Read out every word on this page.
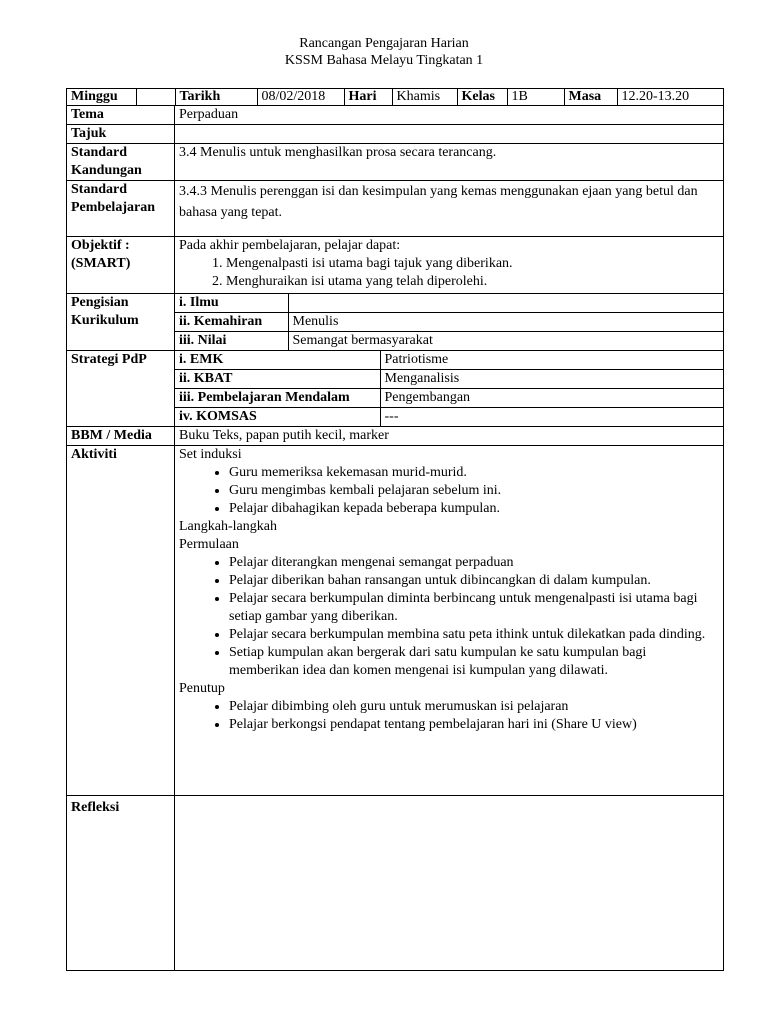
Rancangan Pengajaran Harian
KSSM Bahasa Melayu Tingkatan 1
Minggu		Tarikh	08/02/2018	Hari	Khamis	Kelas	1B	Masa	12.20-13.20

Tema	Perpaduan
Tajuk	

Standard
Kandungan
	3.4 Menulis untuk menghasilkan prosa secara terancang.

Standard
Pembelajaran
	3.4.3 Menulis perenggan isi dan kesimpulan yang kemas menggunakan ejaan yang betul dan bahasa yang tepat.

Objektif :
(SMART)

Pada akhir pembelajaran, pelajar dapat:
1. Mengenalpasti isi utama bagi tajuk yang diberikan.
2. Menghuraikan isi utama yang telah diperolehi.

Pengisian
Kurikulum

i. Ilmu	
ii. Kemahiran	Menulis
iii. Nilai	Semangat bermasyarakat

Strategi PdP	i. EMK	Patriotisme
ii. KBAT	Menganalisis
iii. Pembelajaran Mendalam	Pengembangan
iv. KOMSAS	---

BBM / Media	Buku Teks, papan putih kecil, marker
Aktiviti	Set induksi
• Guru memeriksa kekemasan murid-murid.
• Guru mengimbas kembali pelajaran sebelum ini.
• Pelajar dibahagikan kepada beberapa kumpulan.
Langkah-langkah
Permulaan
• Pelajar diterangkan mengenai semangat perpaduan
• Pelajar diberikan bahan ransangan untuk dibincangkan di dalam kumpulan.
• Pelajar secara berkumpulan diminta berbincang untuk mengenalpasti isi utama bagi setiap gambar yang diberikan.
• Pelajar secara berkumpulan membina satu peta ithink untuk dilekatkan pada dinding.
• Setiap kumpulan akan bergerak dari satu kumpulan ke satu kumpulan bagi memberikan idea dan komen mengenai isi kumpulan yang dilawati.
Penutup
• Pelajar dibimbing oleh guru untuk merumuskan isi pelajaran
• Pelajar berkongsi pendapat tentang pembelajaran hari ini (Share U view)

Refleksi	
